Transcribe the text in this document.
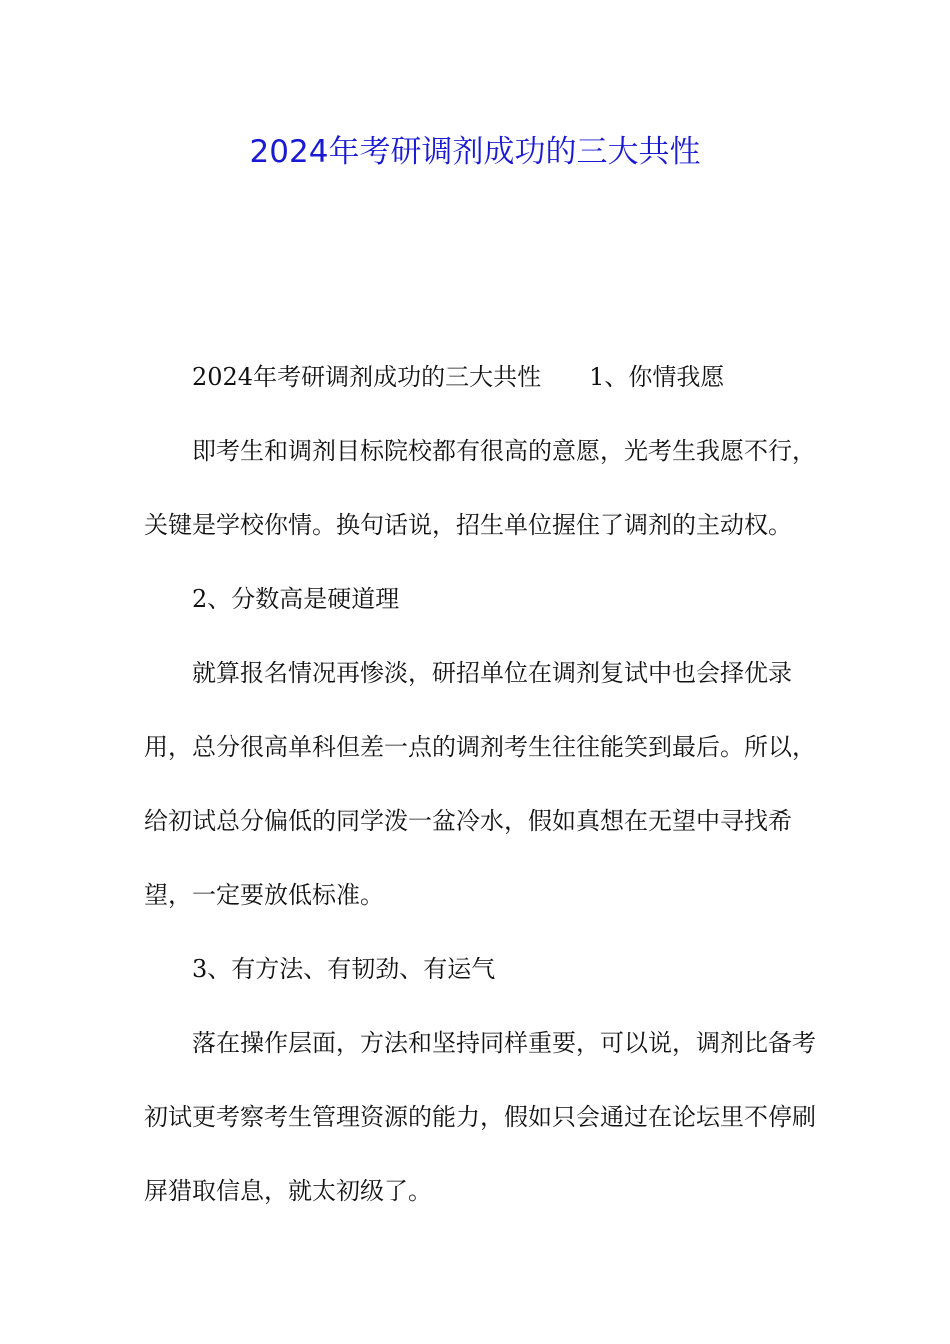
2024年考研调剂成功的三大共性

2024年考研调剂成功的三大共性 1、你情我愿

即考生和调剂目标院校都有很高的意愿，光考生我愿不行，关键是学校你情。换句话说，招生单位握住了调剂的主动权。

2、分数高是硬道理

就算报名情况再惨淡，研招单位在调剂复试中也会择优录用，总分很高单科但差一点的调剂考生往往能笑到最后。所以，给初试总分偏低的同学泼一盆冷水，假如真想在无望中寻找希望，一定要放低标准。

3、有方法、有韧劲、有运气

落在操作层面，方法和坚持同样重要，可以说，调剂比备考初试更考察考生管理资源的能力，假如只会通过在论坛里不停刷屏猎取信息，就太初级了。
